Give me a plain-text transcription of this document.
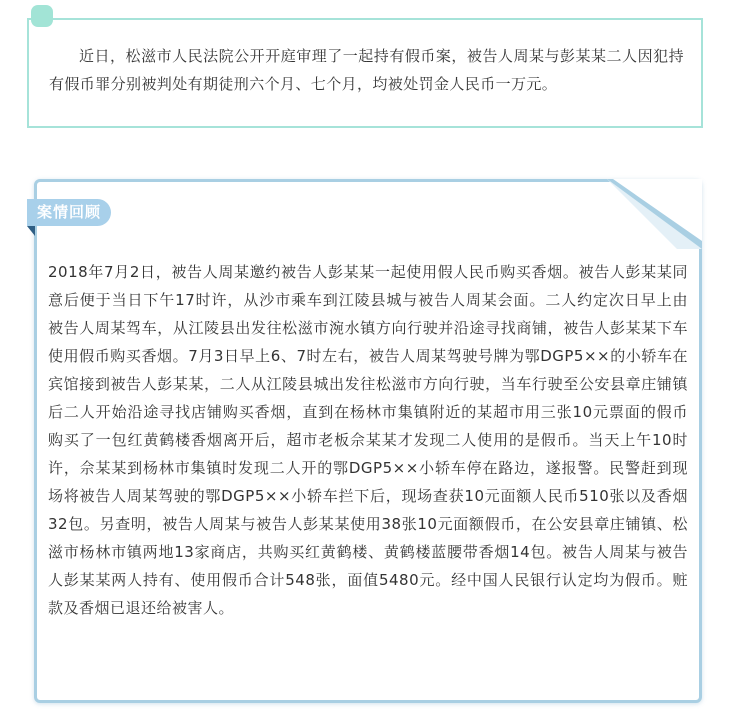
近日，松滋市人民法院公开开庭审理了一起持有假币案，被告人周某与彭某某二人因犯持有假币罪分别被判处有期徒刑六个月、七个月，均被处罚金人民币一万元。

案情回顾

2018年7月2日，被告人周某邀约被告人彭某某一起使用假人民币购买香烟。被告人彭某某同意后便于当日下午17时许，从沙市乘车到江陵县城与被告人周某会面。二人约定次日早上由被告人周某驾车，从江陵县出发往松滋市涴水镇方向行驶并沿途寻找商铺，被告人彭某某下车使用假币购买香烟。7月3日早上6、7时左右，被告人周某驾驶号牌为鄂DGP5××的小轿车在宾馆接到被告人彭某某，二人从江陵县城出发往松滋市方向行驶，当车行驶至公安县章庄铺镇后二人开始沿途寻找店铺购买香烟，直到在杨林市集镇附近的某超市用三张10元票面的假币购买了一包红黄鹤楼香烟离开后，超市老板佘某某才发现二人使用的是假币。当天上午10时许，佘某某到杨林市集镇时发现二人开的鄂DGP5××小轿车停在路边，遂报警。民警赶到现场将被告人周某驾驶的鄂DGP5××小轿车拦下后，现场查获10元面额人民币510张以及香烟32包。另查明，被告人周某与被告人彭某某使用38张10元面额假币，在公安县章庄铺镇、松滋市杨林市镇两地13家商店，共购买红黄鹤楼、黄鹤楼蓝腰带香烟14包。被告人周某与被告人彭某某两人持有、使用假币合计548张，面值5480元。经中国人民银行认定均为假币。赃款及香烟已退还给被害人。
